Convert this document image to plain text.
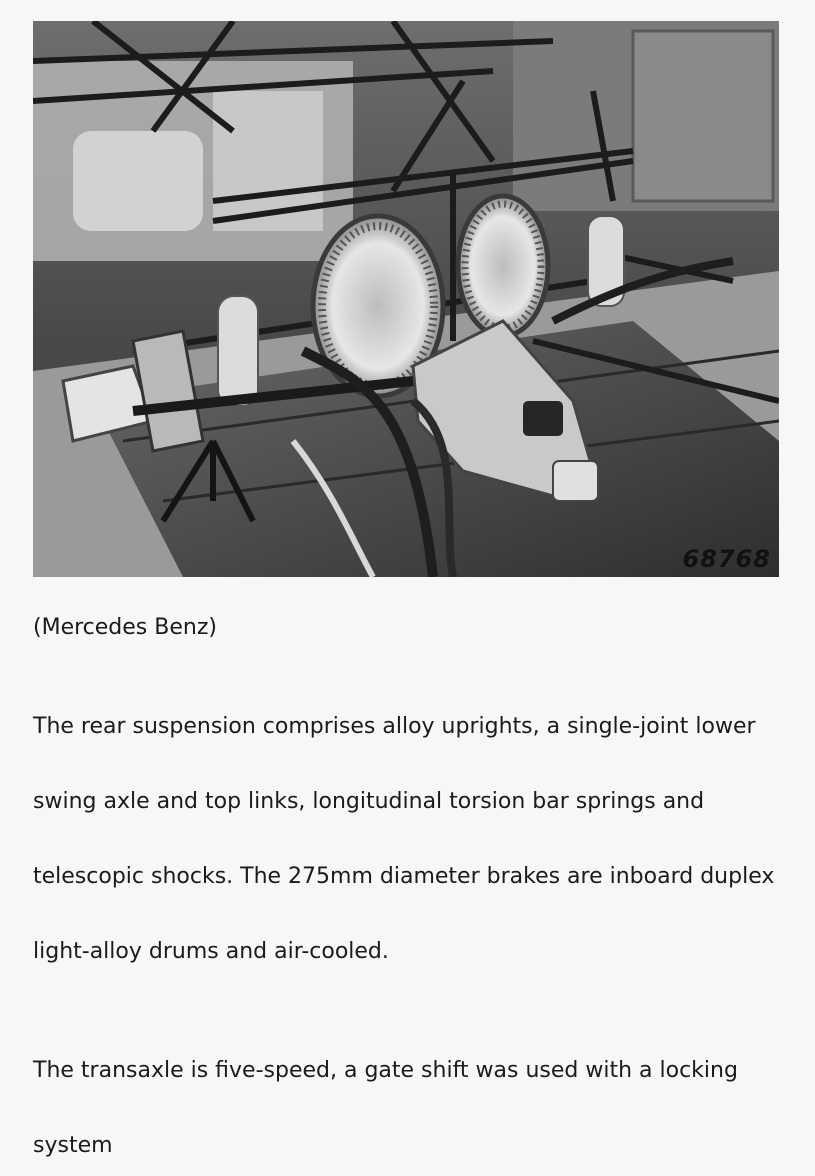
68768

(Mercedes Benz)

The rear suspension comprises alloy uprights, a single-joint lower swing axle and top links, longitudinal torsion bar springs and telescopic shocks. The 275mm diameter brakes are inboard duplex light-alloy drums and air-cooled.

The transaxle is five-speed, a gate shift was used with a locking system
